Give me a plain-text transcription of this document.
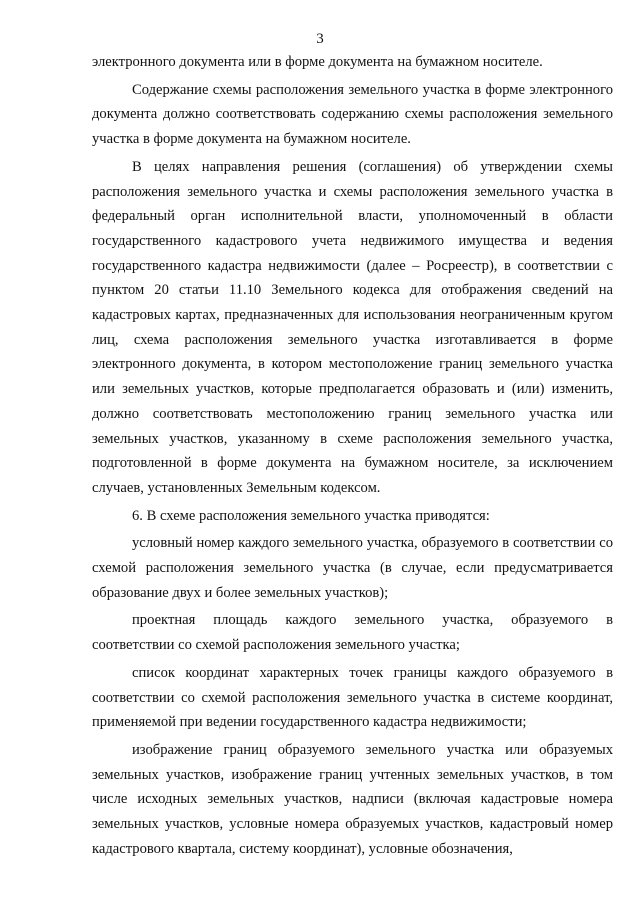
3

электронного документа или в форме документа на бумажном носителе.

Содержание схемы расположения земельного участка в форме электронного документа должно соответствовать содержанию схемы расположения земельного участка в форме документа на бумажном носителе.

В целях направления решения (соглашения) об утверждении схемы расположения земельного участка и схемы расположения земельного участка в федеральный орган исполнительной власти, уполномоченный в области государственного кадастрового учета недвижимого имущества и ведения государственного кадастра недвижимости (далее – Росреестр), в соответствии с пунктом 20 статьи 11.10 Земельного кодекса для отображения сведений на кадастровых картах, предназначенных для использования неограниченным кругом лиц, схема расположения земельного участка изготавливается в форме электронного документа, в котором местоположение границ земельного участка или земельных участков, которые предполагается образовать и (или) изменить, должно соответствовать местоположению границ земельного участка или земельных участков, указанному в схеме расположения земельного участка, подготовленной в форме документа на бумажном носителе, за исключением случаев, установленных Земельным кодексом.

6. В схеме расположения земельного участка приводятся:

условный номер каждого земельного участка, образуемого в соответствии со схемой расположения земельного участка (в случае, если предусматривается образование двух и более земельных участков);

проектная площадь каждого земельного участка, образуемого в соответствии со схемой расположения земельного участка;

список координат характерных точек границы каждого образуемого в соответствии со схемой расположения земельного участка в системе координат, применяемой при ведении государственного кадастра недвижимости;

изображение границ образуемого земельного участка или образуемых земельных участков, изображение границ учтенных земельных участков, в том числе исходных земельных участков, надписи (включая кадастровые номера земельных участков, условные номера образуемых участков, кадастровый номер кадастрового квартала, систему координат), условные обозначения,
